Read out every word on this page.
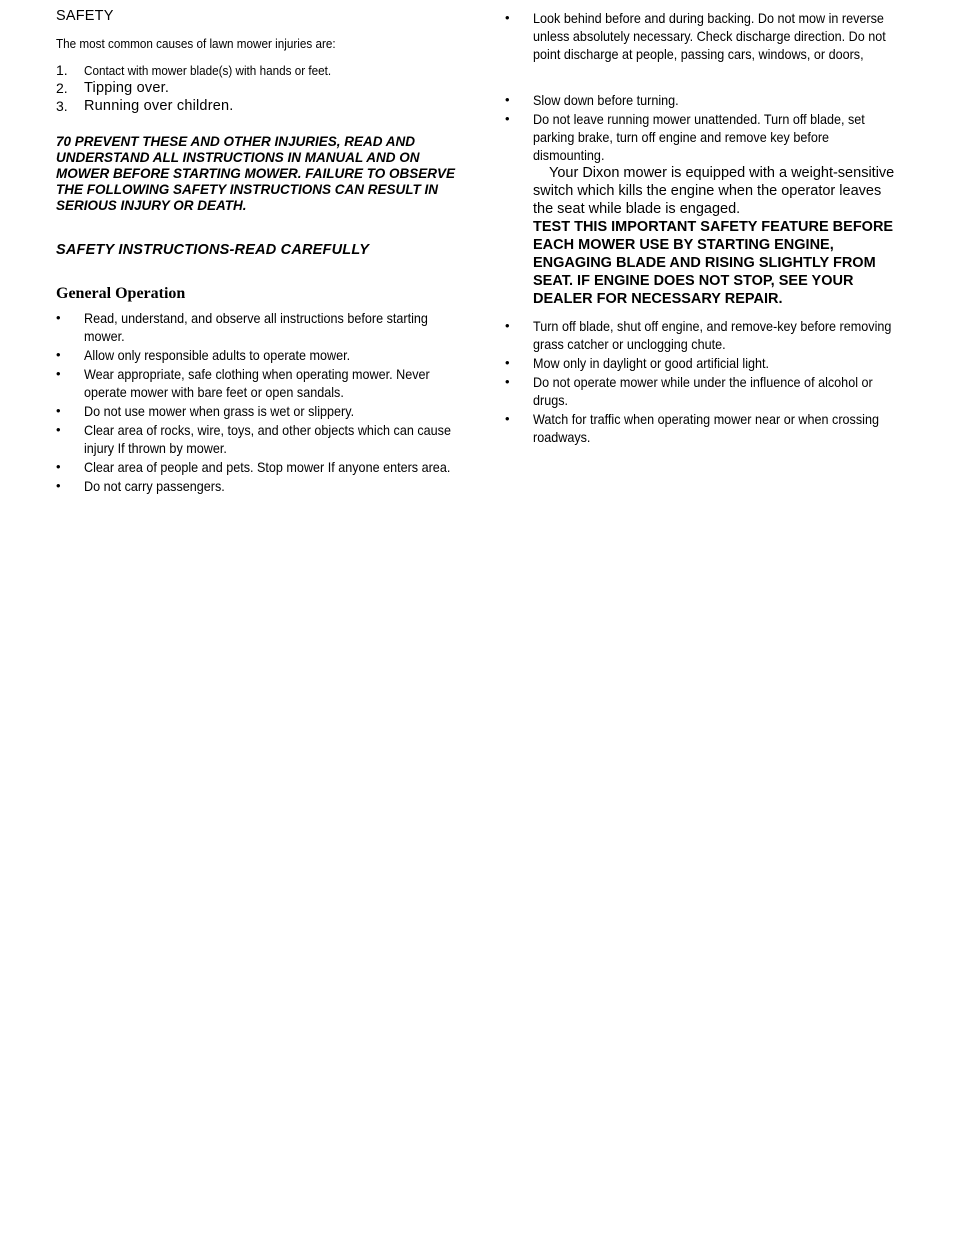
SAFETY
The most common causes of lawn mower injuries are:
1. Contact with mower blade(s) with hands or feet.
2. Tipping over.
3. Running over children.
70 PREVENT THESE AND OTHER INJURIES, READ AND UNDERSTAND ALL INSTRUCTIONS IN MANUAL AND ON MOWER BEFORE STARTING MOWER. FAILURE TO OBSERVE THE FOLLOWING SAFETY INSTRUCTIONS CAN RESULT IN SERIOUS INJURY OR DEATH.
SAFETY INSTRUCTIONS-READ CAREFULLY
General Operation
• Read, understand, and observe all instructions before starting mower.
• Allow only responsible adults to operate mower.
• Wear appropriate, safe clothing when operating mower. Never operate mower with bare feet or open sandals.
• Do not use mower when grass is wet or slippery.
• Clear area of rocks, wire, toys, and other objects which can cause injury If thrown by mower.
• Clear area of people and pets. Stop mower If anyone enters area.
• Do not carry passengers.
• Look behind before and during backing. Do not mow in reverse unless absolutely necessary. Check discharge direction. Do not point discharge at people, passing cars, windows, or doors,
• Slow down before turning.
• Do not leave running mower unattended. Turn off blade, set parking brake, turn off engine and remove key before dismounting.
Your Dixon mower is equipped with a weight-sensitive switch which kills the engine when the operator leaves the seat while blade is engaged.
TEST THIS IMPORTANT SAFETY FEATURE BEFORE EACH MOWER USE BY STARTING ENGINE, ENGAGING BLADE AND RISING SLIGHTLY FROM SEAT. IF ENGINE DOES NOT STOP, SEE YOUR DEALER FOR NECESSARY REPAIR.
• Turn off blade, shut off engine, and remove-key before removing grass catcher or unclogging chute.
• Mow only in daylight or good artificial light.
• Do not operate mower while under the influence of alcohol or drugs.
• Watch for traffic when operating mower near or when crossing roadways.
